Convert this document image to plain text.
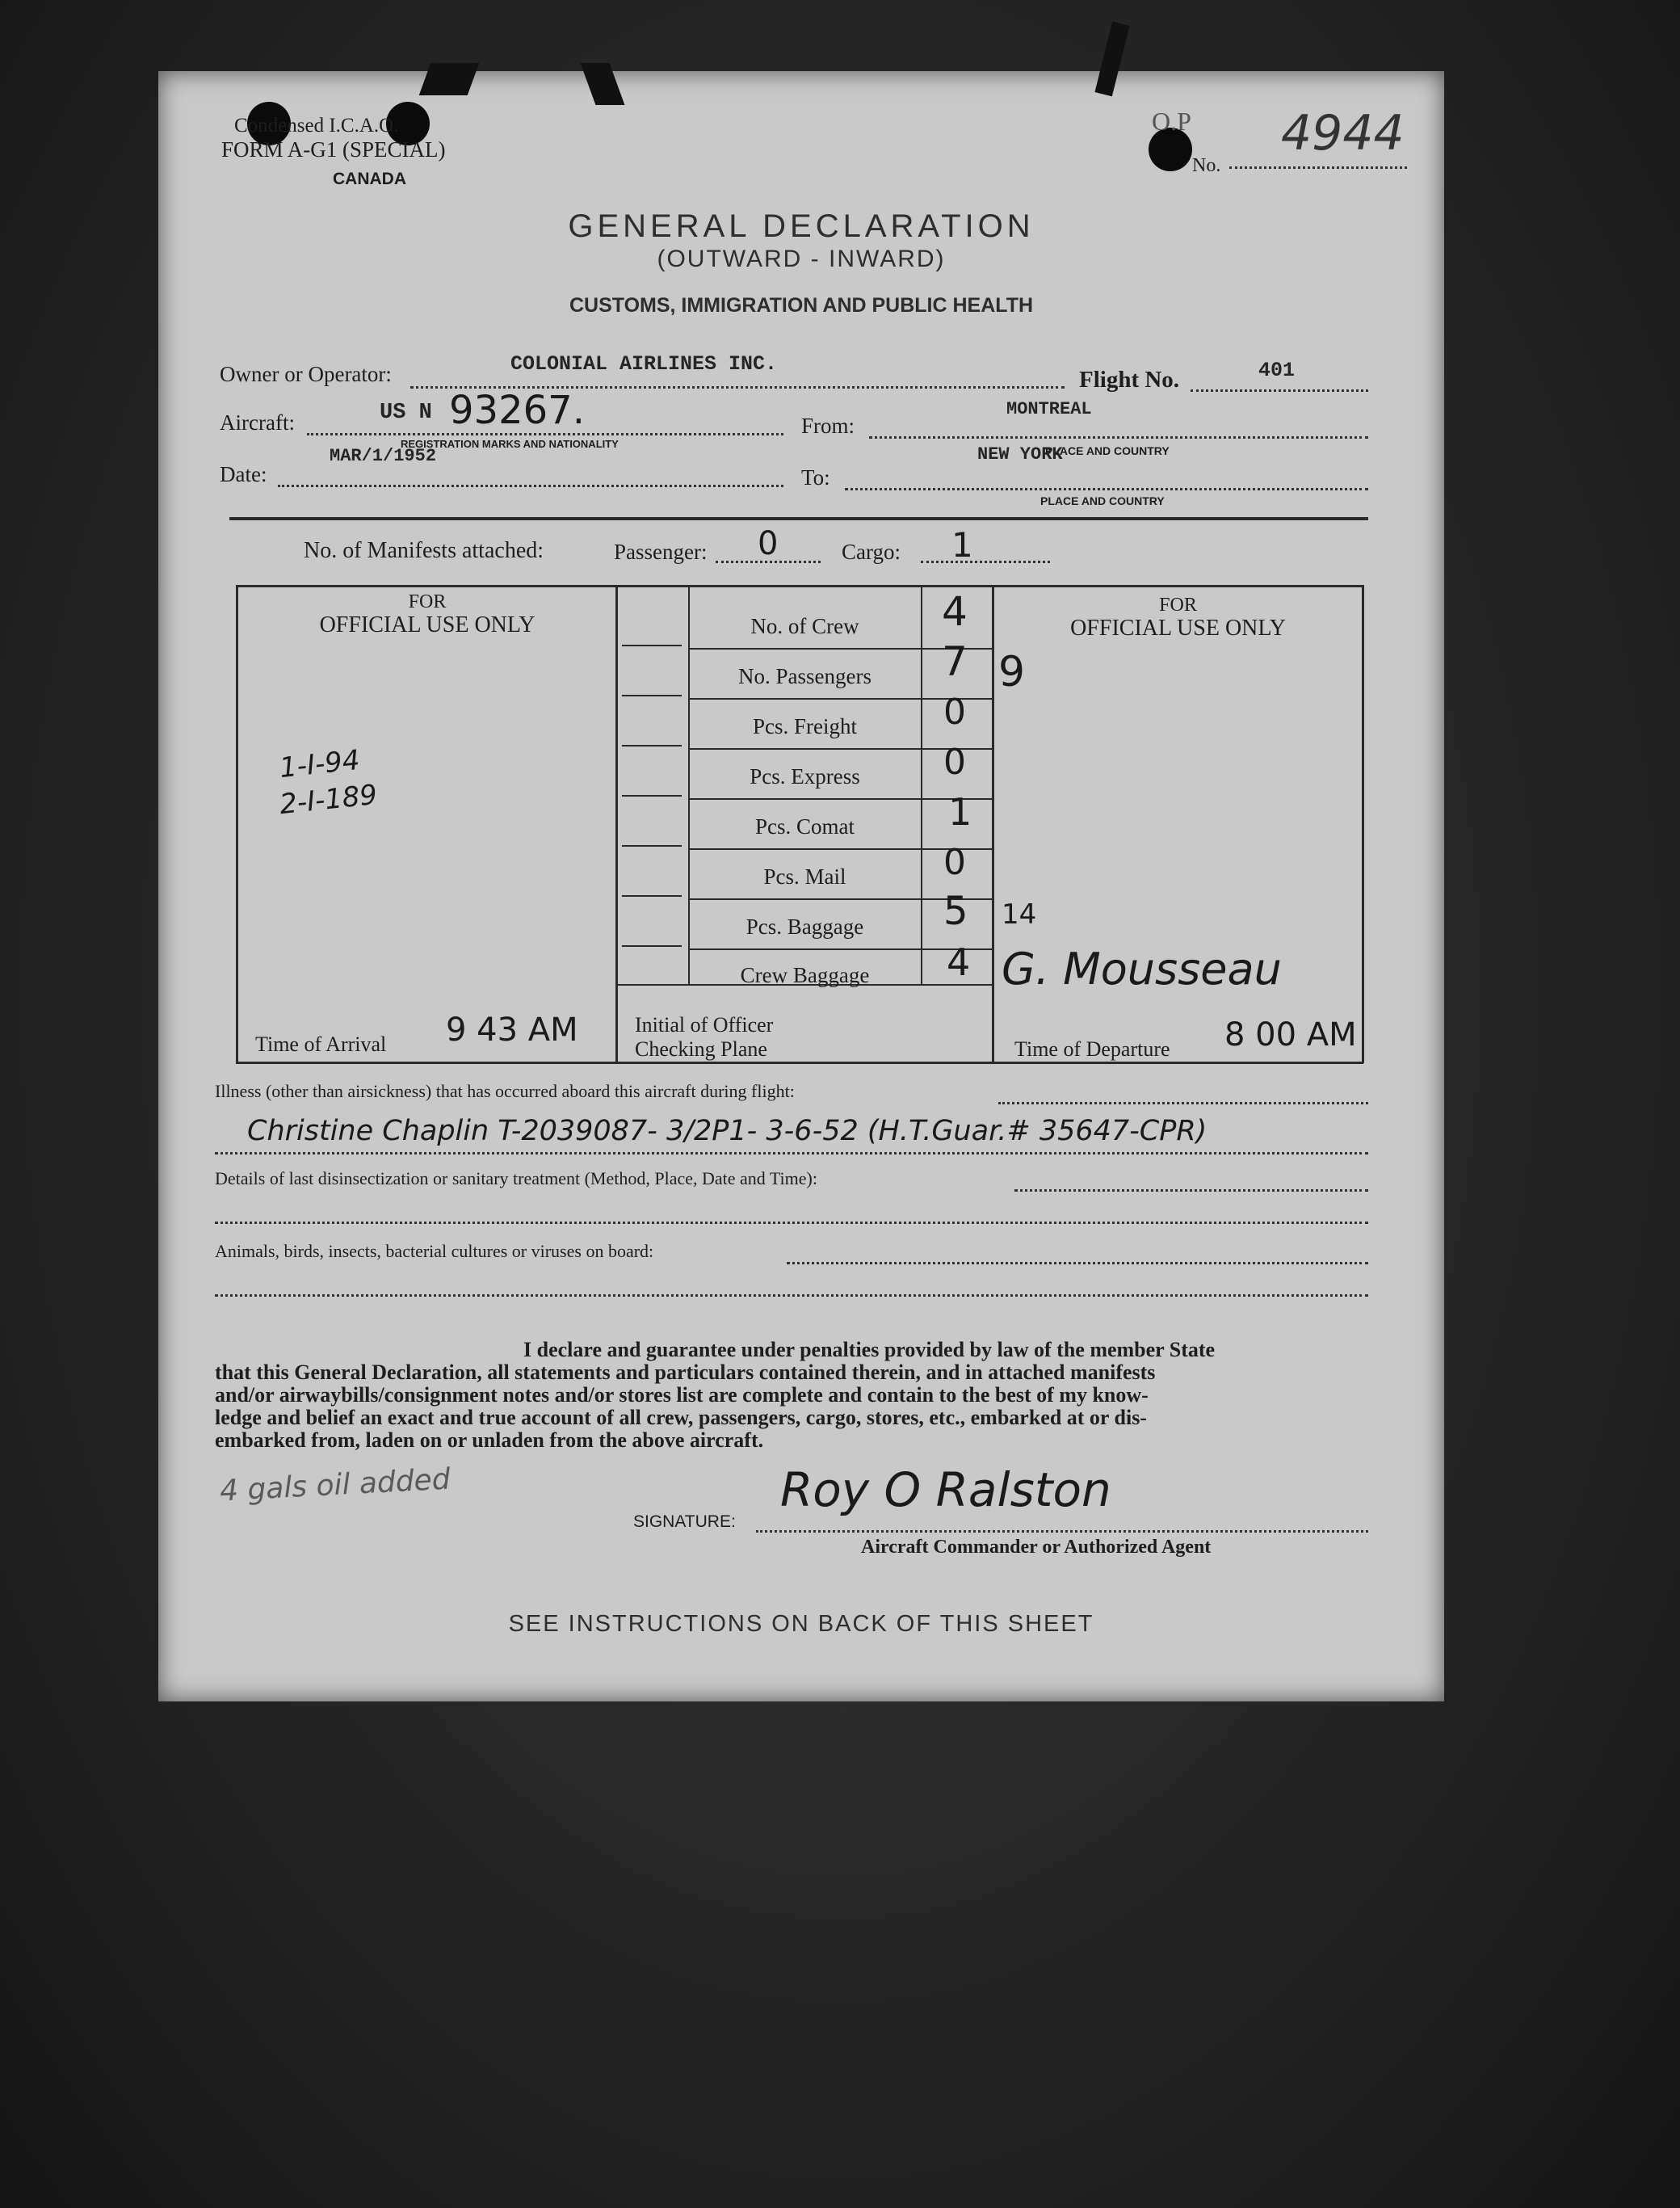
Condensed I.C.A.O.
FORM A-G1 (SPECIAL)
CANADA
O.P
No.
4944
GENERAL DECLARATION
(OUTWARD - INWARD)
CUSTOMS, IMMIGRATION AND PUBLIC HEALTH
Owner or Operator:	COLONIAL AIRLINES INC.
Flight No.	401
Aircraft:	US N 93267.
REGISTRATION MARKS AND NATIONALITY
From:
MONTREAL
PLACE AND COUNTRY
Date:
MAR/1/1952
To:
NEW YORK
PLACE AND COUNTRY
No. of Manifests attached:	Passenger: 0	Cargo: 1
FOR
OFFICIAL USE ONLY
FOR
OFFICIAL USE ONLY
No. of Crew	4
No. Passengers	7
Pcs. Freight	0
Pcs. Express	0
Pcs. Comat	1
Pcs. Mail	0
Pcs. Baggage	5
Crew Baggage	4
1-I-94
2-I-189
9
14
G. Mousseau
Time of Arrival 9 43 AM	Initial of Officer
Checking Plane	Time of Departure 8 00 AM
Illness (other than airsickness) that has occurred aboard this aircraft during flight:
Christine Chaplin T-2039087- 3/2P1- 3-6-52 (H.T.Guar.# 35647-CPR)
Details of last disinsectization or sanitary treatment (Method, Place, Date and Time):
Animals, birds, insects, bacterial cultures or viruses on board:
I declare and guarantee under penalties provided by law of the member State
that this General Declaration, all statements and particulars contained therein, and in attached manifests
and/or airwaybills/consignment notes and/or stores list are complete and contain to the best of my know-
ledge and belief an exact and true account of all crew, passengers, cargo, stores, etc., embarked at or dis-
embarked from, laden on or unladen from the above aircraft.
4 gals oil added
SIGNATURE:
Roy O Ralston
Aircraft Commander or Authorized Agent
SEE INSTRUCTIONS ON BACK OF THIS SHEET
